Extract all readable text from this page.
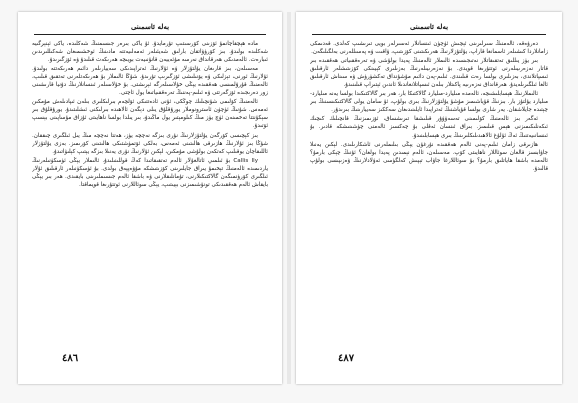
بەلە ئاسمىنى

مادە ھېچقاچانمۇ ئۆزىنى كۆرسىتىپ تۇرمايدۇ. ئۇ ياكى بىرەر جىسىمنىڭ شەكلىدە، ياكى ئېنېرگىيە شەكلىدە بولىدۇ. بىز كۆرۈۋاتقان بارلىق شەيئىلەر ئەمەلىيەتتە مادىنىڭ ئوخشىمىغان شەكىللىرىدىن ئىبارەت. ئالەمدىكى ھەرقانداق نەرسە مۇئەييەن قانۇنىيەت بويىچە ھەرىكەت قىلىدۇ ۋە ئۆزگىرىدۇ.

مەسىلەن، بىز قارىغان يۇلتۇزلار ۋە ئۇلارنىڭ ئەتراپىدىكى سەييارىلەر دائىم ھەرىكەتتە بولىدۇ. ئۇلارنىڭ ئورنى، تېزلىكى ۋە يۆنىلىشى ئۆزگىرىپ تۇرىدۇ. شۇڭا ئالىملار بۇ ھەرىكەتلەرنى تەتقىق قىلىپ، ئالەمنىڭ قۇرۇلمىسى ھەققىدە يېڭى خۇلاسىلەرگە ئېرىشتى. بۇ خۇلاسىلەر ئىنسانلارنىڭ دۇنيا قارىشىنى زور دەرىجىدە ئۆزگەرتتى ۋە ئىلىم-پەننىڭ تەرەققىياتىغا يول ئاچتى.

ئالەمنىڭ كۆلىمى شۇنچىلىك چوڭكى، ئۇنى ئادەتتىكى ئۆلچەم بىرلىكلىرى بىلەن ئىپادىلەش مۇمكىن ئەمەس. شۇنىڭ ئۈچۈن ئاسترونوملار يورۇقلۇق يىلى دېگەن ئالاھىدە بىرلىكنى ئىشلىتىدۇ. يورۇقلۇق بىر سېكۇنتتا تەخمىنەن ئۈچ يۈز مىڭ كىلومېتىر يول ماڭىدۇ، بىر يىلدا بولسا ناھايىتى ئۇزاق مۇساپىنى بېسىپ ئۆتىدۇ.

بىز كېچىسى كۆرگەن يۇلتۇزلارنىڭ نۇرى بىزگە نەچچە يۈز، ھەتتا نەچچە مىڭ يىل ئىلگىرى چىققان. شۇڭا بىز ئۇلارنىڭ ھازىرقى ھالىتىنى ئەمەس، بەلكى ئۆتمۈشتىكى ھالىتىنى كۆرىمىز. بەزى يۇلتۇزلار ئاللىقاچان يوقىلىپ كەتكەن بولۇشى مۇمكىن، لېكىن ئۇلارنىڭ نۇرى يەنىلا بىزگە يېتىپ كېلىۋاتىدۇ.

Callis Ily بۇ ئىلمىي ئاتالغۇلار ئالەم تەتقىقاتىدا كەڭ قوللىنىلىدۇ. ئالىملار يېڭى ئۈسكۈنىلەرنىڭ ياردىمىدە ئالەمنىڭ تېخىمۇ يىراق جايلىرىنى كۆزىتىشكە مۇۋەپپەق بولدى. بۇ ئۈسكۈنىلەر ئارقىلىق ئۇلار ئىلگىرى كۆرۈنمىگەن گالاكتىكىلارنى، تۇمانلىقلارنى ۋە باشقا ئالەم جىسىملىرىنى بايقىدى. ھەر بىر يېڭى بايقاش ئالەم ھەققىدىكى تونۇشىمىزنى بېيىتىپ، يېڭى سوئاللارنى ئوتتۇرىغا قويماقتا.

٤٨٦
بەلە ئاسمىنى

دەرۋەقە، ئالەمنىڭ سىرلىرىنى ئېچىش ئۈچۈن ئىنسانلار ئەسىرلەر بويى تىرىشىپ كەلدى. قەدىمكى زامانلاردا كىشىلەر ئاسمانغا قاراپ، يۇلتۇزلارنىڭ ھەرىكىتىنى كۆزىتىپ، ۋاقىت ۋە پەسىللەرنى بەلگىلىگەن.

بىر يۈز يىللىق تەتقىقاتلار نەتىجىسىدە ئالىملار ئالەمنىڭ پەيدا بولۇشى ۋە تەرەققىياتى ھەققىدە بىر قاتار نەزەرىيىلەرنى ئوتتۇرىغا قويدى. بۇ نەزەرىيىلەرنىڭ بەزىلىرى كېيىنكى كۆزىتىشلەر ئارقىلىق ئىسپاتلاندى، بەزىلىرى بولسا رەت قىلىندى. ئىلىم-پەن دائىم مۇشۇنداق تەكشۈرۈش ۋە سىناش ئارقىلىق ئالغا ئىلگىرىلەيدۇ. ھەرقانداق نەزەرىيە پاكىتلار بىلەن ئىسپاتلانغاندىلا ئاندىن ئېتىراپ قىلىنىدۇ.

ئالىملارنىڭ ھېسابلىشىچە، ئالەمدە مىليارد-مىليارد گالاكتىكا بار، ھەر بىر گالاكتىكىدا بولسا يەنە مىليارد-مىليارد يۇلتۇز بار. بىزنىڭ قۇياشىمىز مۇشۇ يۇلتۇزلارنىڭ بىرى بولۇپ، ئۇ سامان يولى گالاكتىكىسىنىڭ بىر چېتىدە جايلاشقان. يەر شارى بولسا قۇياشنىڭ ئەتراپىدا ئايلىنىدىغان سەككىز سەييارىنىڭ بىرىدۇر.

ئەگەر بىز ئالەمنىڭ كۆلىمىنى تەسەۋۋۇر قىلىشقا تىرىشساق، ئۆزىمىزنىڭ قانچىلىك كىچىك ئىكەنلىكىمىزنى ھېس قىلىمىز. بىراق ئىنسان ئەقلى بۇ چەكسىز ئالەمنى چۈشىنىشكە قادىر. بۇ ئىنسانىيەتنىڭ ئەڭ ئۇلۇغ ئالاھىدىلىكلىرىنىڭ بىرى ھېسابلىنىدۇ.

ھازىرقى زامان ئىلىم-پەنى ئالەم ھەققىدە نۇرغۇن يېڭى بىلىملەرنى ئاشكارىلىدى. لېكىن يەنىلا جاۋابسىز قالغان سوئاللار ناھايىتى كۆپ. مەسىلەن، ئالەم نېمىدىن پەيدا بولغان؟ ئۇنىڭ چېكى بارمۇ؟ ئالەمدە باشقا ھاياتلىق بارمۇ؟ بۇ سوئاللارغا جاۋاب تېپىش كەلگۈسى ئەۋلادلارنىڭ ۋەزىپىسى بولۇپ قالىدۇ.

٤٨٧
